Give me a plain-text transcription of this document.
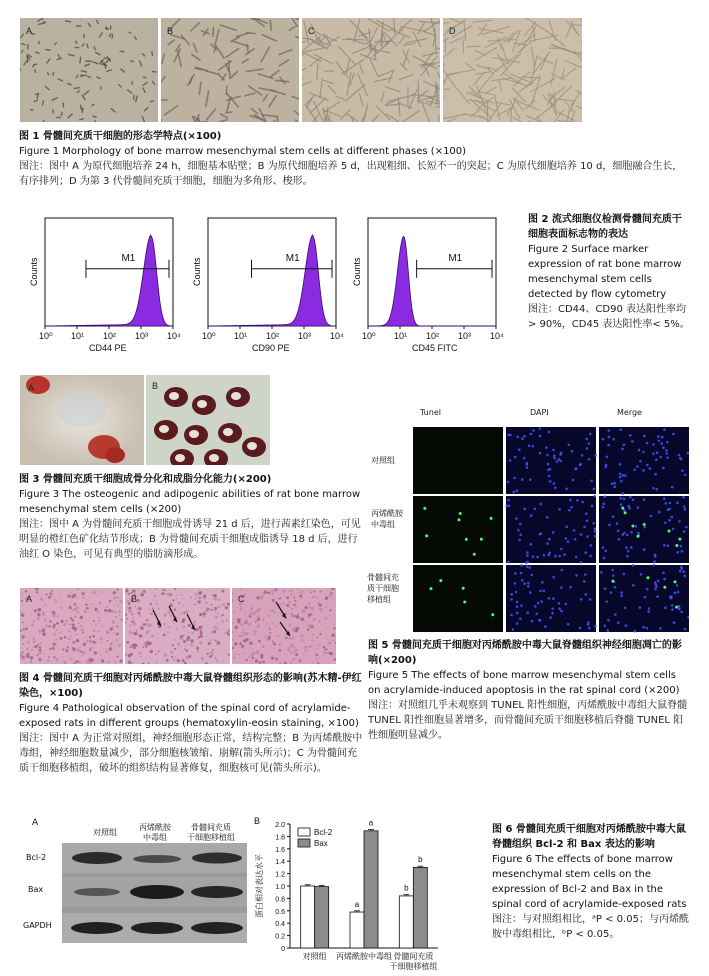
A	B	C	D
图 1 骨髓间充质干细胞的形态学特点(×100)
Figure 1 Morphology of bone marrow mesenchymal stem cells at different phases (×100)
图注：图中 A 为原代细胞培养 24 h，细胞基本贴壁；B 为原代细胞培养 5 d，出现粗细、长短不一的突起；C 为原代细胞培养 10 d，细胞融合生长，有序排列；D 为第 3 代骨髓间充质干细胞，细胞为多角形、梭形。
M1
10⁰ 10¹ 10² 10³ 10⁴
CD44 PE
Counts	M1
10⁰ 10¹ 10² 10³ 10⁴
CD90 PE
Counts	M1
10⁰ 10¹ 10² 10³ 10⁴
CD45 FITC
Counts
图 2 流式细胞仪检测骨髓间充质干细胞表面标志物的表达
Figure 2 Surface marker expression of rat bone marrow mesenchymal stem cells detected by flow cytometry
图注：CD44、CD90 表达阳性率均> 90%，CD45 表达阳性率< 5%。
A	B
图 3 骨髓间充质干细胞成骨分化和成脂分化能力(×200)
Figure 3 The osteogenic and adipogenic abilities of rat bone marrow mesenchymal stem cells (×200)
图注：图中 A 为骨髓间充质干细胞成骨诱导 21 d 后，进行茜素红染色，可见明显的橙红色矿化结节形成；B 为骨髓间充质干细胞成脂诱导 18 d 后，进行油红 O 染色，可见有典型的脂肪滴形成。
A	B	C
图 4 骨髓间充质干细胞对丙烯酰胺中毒大鼠脊髓组织形态的影响(苏木精-伊红染色，×100)
Figure 4 Pathological observation of the spinal cord of acrylamide-exposed rats in different groups (hematoxylin-eosin staining, ×100)
图注：图中 A 为正常对照组，神经细胞形态正常，结构完整；B 为丙烯酰胺中毒组，神经细胞数量减少，部分细胞核皱缩、崩解(箭头所示)；C 为骨髓间充质干细胞移植组，破坏的组织结构显著修复，细胞核可见(箭头所示)。
Tunel	DAPI	Merge
对照组
丙烯酰胺
中毒组
骨髓间充
质干细胞
移植组
图 5 骨髓间充质干细胞对丙烯酰胺中毒大鼠脊髓组织神经细胞凋亡的影响(×200)
Figure 5 The effects of bone marrow mesenchymal stem cells on acrylamide-induced apoptosis in the rat spinal cord (×200)
图注：对照组几乎未观察到 TUNEL 阳性细胞，丙烯酰胺中毒组大鼠脊髓 TUNEL 阳性细胞显著增多，而骨髓间充质干细胞移植后脊髓 TUNEL 阳性细胞明显减少。
A
对照组
丙烯酰胺
中毒组
骨髓间充质
干细胞移植组
Bcl-2
Bax
GAPDH
B
0
0.2
0.4
0.6
0.8
1.0
1.2
1.4
1.6
1.8
2.0
蛋白相对表达水平
对照组
a
a
丙烯酰胺中毒组
b
b
骨髓间充质
干细胞移植组
Bcl-2
Bax
图 6 骨髓间充质干细胞对丙烯酰胺中毒大鼠脊髓组织 Bcl-2 和 Bax 表达的影响
Figure 6 The effects of bone marrow mesenchymal stem cells on the expression of Bcl-2 and Bax in the spinal cord of acrylamide-exposed rats
图注：与对照组相比，ᵃP < 0.05；与丙烯酰胺中毒组相比，ᵇP < 0.05。
